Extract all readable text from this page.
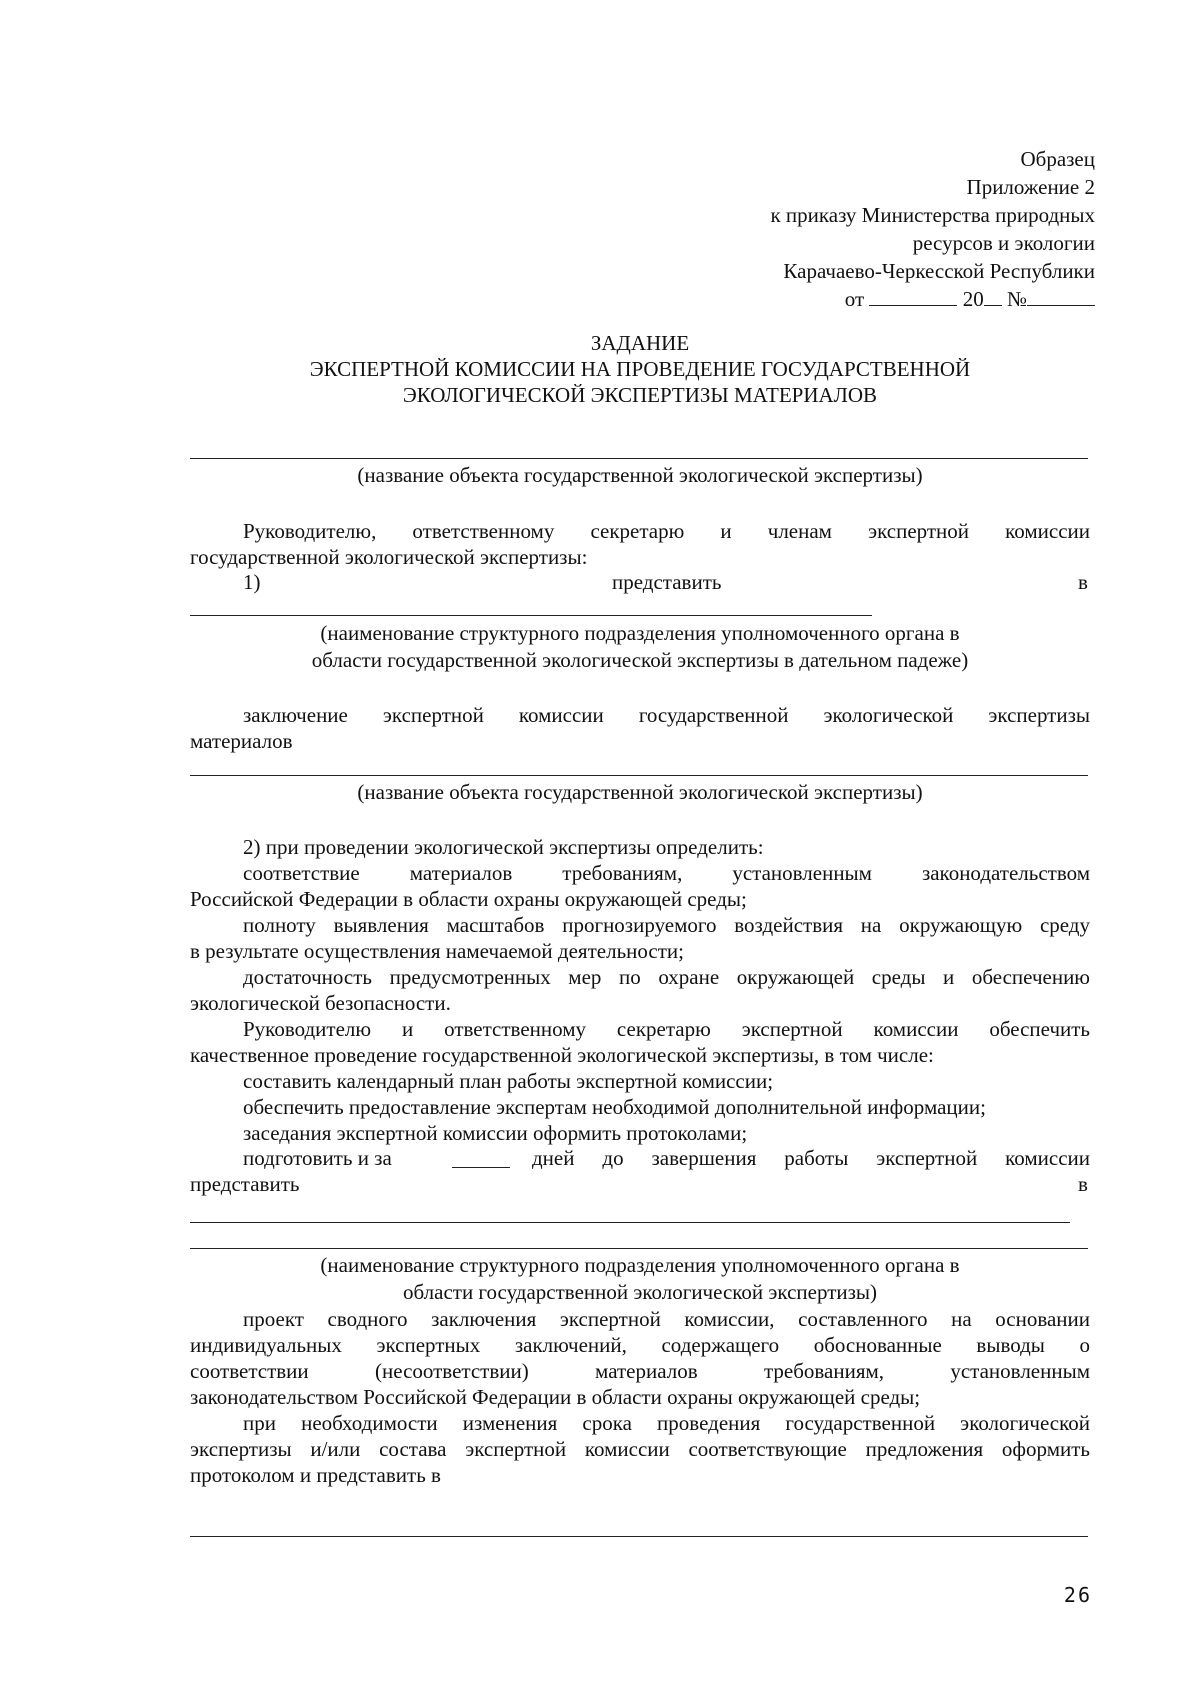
Образец
Приложение 2
к приказу Министерства природных
ресурсов и экологии
Карачаево-Черкесской Республики
от	20 №
ЗАДАНИЕ
ЭКСПЕРТНОЙ КОМИССИИ НА ПРОВЕДЕНИЕ ГОСУДАРСТВЕННОЙ
ЭКОЛОГИЧЕСКОЙ ЭКСПЕРТИЗЫ МАТЕРИАЛОВ
(название объекта государственной экологической экспертизы)
Руководителю, ответственному секретарю и членам экспертной комиссии
государственной экологической экспертизы:
1)	представить	в
(наименование структурного подразделения уполномоченного органа в
области государственной экологической экспертизы в дательном падеже)
заключение экспертной комиссии государственной экологической экспертизы
материалов
(название объекта государственной экологической экспертизы)
2) при проведении экологической экспертизы определить:
соответствие материалов требованиям, установленным законодательством
Российской Федерации в области охраны окружающей среды;
полноту выявления масштабов прогнозируемого воздействия на окружающую среду
в результате осуществления намечаемой деятельности;
достаточность предусмотренных мер по охране окружающей среды и обеспечению
экологической безопасности.
Руководителю и ответственному секретарю экспертной комиссии обеспечить
качественное проведение государственной экологической экспертизы, в том числе:
составить календарный план работы экспертной комиссии;
обеспечить предоставление экспертам необходимой дополнительной информации;
заседания экспертной комиссии оформить протоколами;
подготовить и за	дней до завершения работы экспертной комиссии
представить	в
(наименование структурного подразделения уполномоченного органа в
области государственной экологической экспертизы)
проект сводного заключения экспертной комиссии, составленного на основании
индивидуальных экспертных заключений, содержащего обоснованные выводы о
соответствии (несоответствии) материалов требованиям, установленным
законодательством Российской Федерации в области охраны окружающей среды;
при необходимости изменения срока проведения государственной экологической
экспертизы и/или состава экспертной комиссии соответствующие предложения оформить
протоколом и представить в
26
